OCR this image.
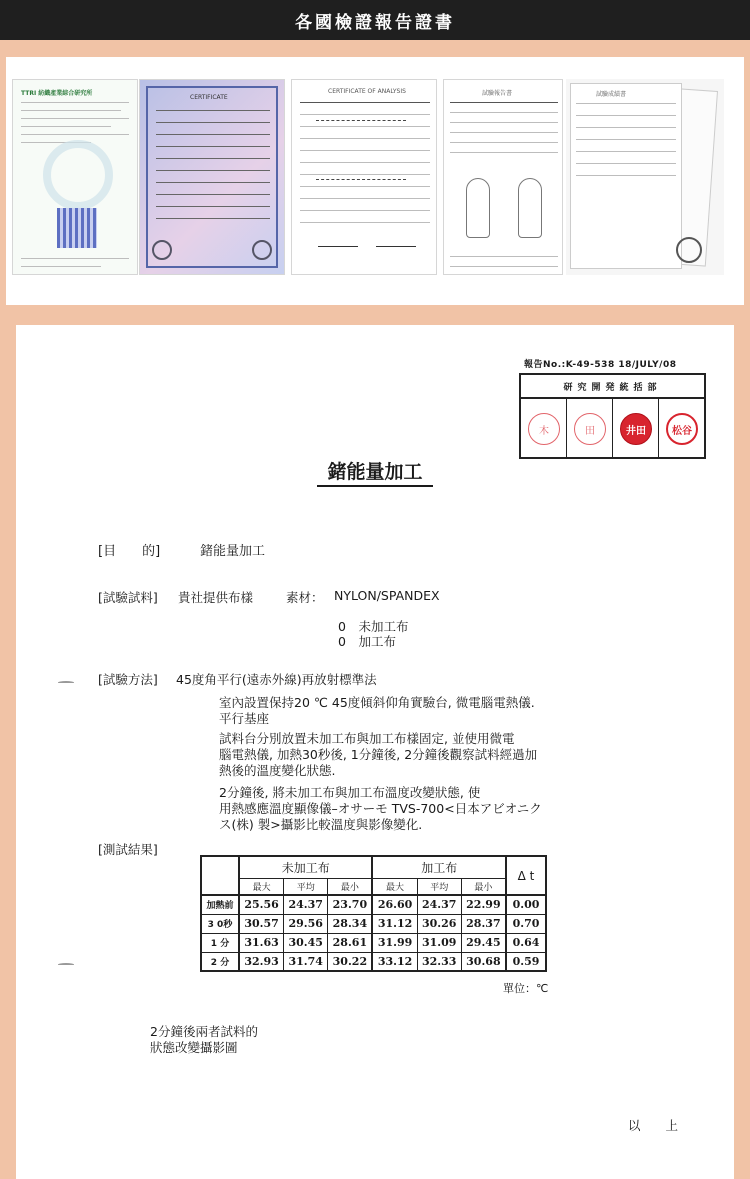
各國檢證報告證書
TTRI 紡織產業綜合研究所
CERTIFICATE
CERTIFICATE OF ANALYSIS	試驗報告書	試驗成績書
報告No.:K-49-538 18/JULY/08
研究開発統括部
木	田	井田	松谷
鍺能量加工
[目　　的]	鍺能量加工
[試驗試料] 貴社提供布樣	素材： NYLON/SPANDEX
0　未加工布
0　加工布
[試驗方法] 45度角平行(遠赤外線)再放射標準法
室內設置保持20 ℃ 45度傾斜仰角實驗台, 微電腦電熱儀.
平行基座
試料台分別放置未加工布與加工布樣固定, 並使用微電
腦電熱儀, 加熱30秒後, 1分鐘後, 2分鐘後觀察試料經過加
熱後的溫度變化狀態.
2分鐘後, 將未加工布與加工布溫度改變狀態, 使
用熱感應溫度顯像儀–オサーモ TVS-700<日本アビオニク
ス(株) 製>攝影比較溫度與影像變化.
[測試結果]
	未加工布			加工布			Δ t
	最大	平均	最小	最大	平均	最小	
加熱前	25.56	24.37	23.70	26.60	24.37	22.99	0.00
3 0秒	30.57	29.56	28.34	31.12	30.26	28.37	0.70
1 分	31.63	30.45	28.61	31.99	31.09	29.45	0.64
2 分	32.93	31.74	30.22	33.12	32.33	30.68	0.59
單位：℃
2分鐘後兩者試料的
狀態改變攝影圖
以　　上
